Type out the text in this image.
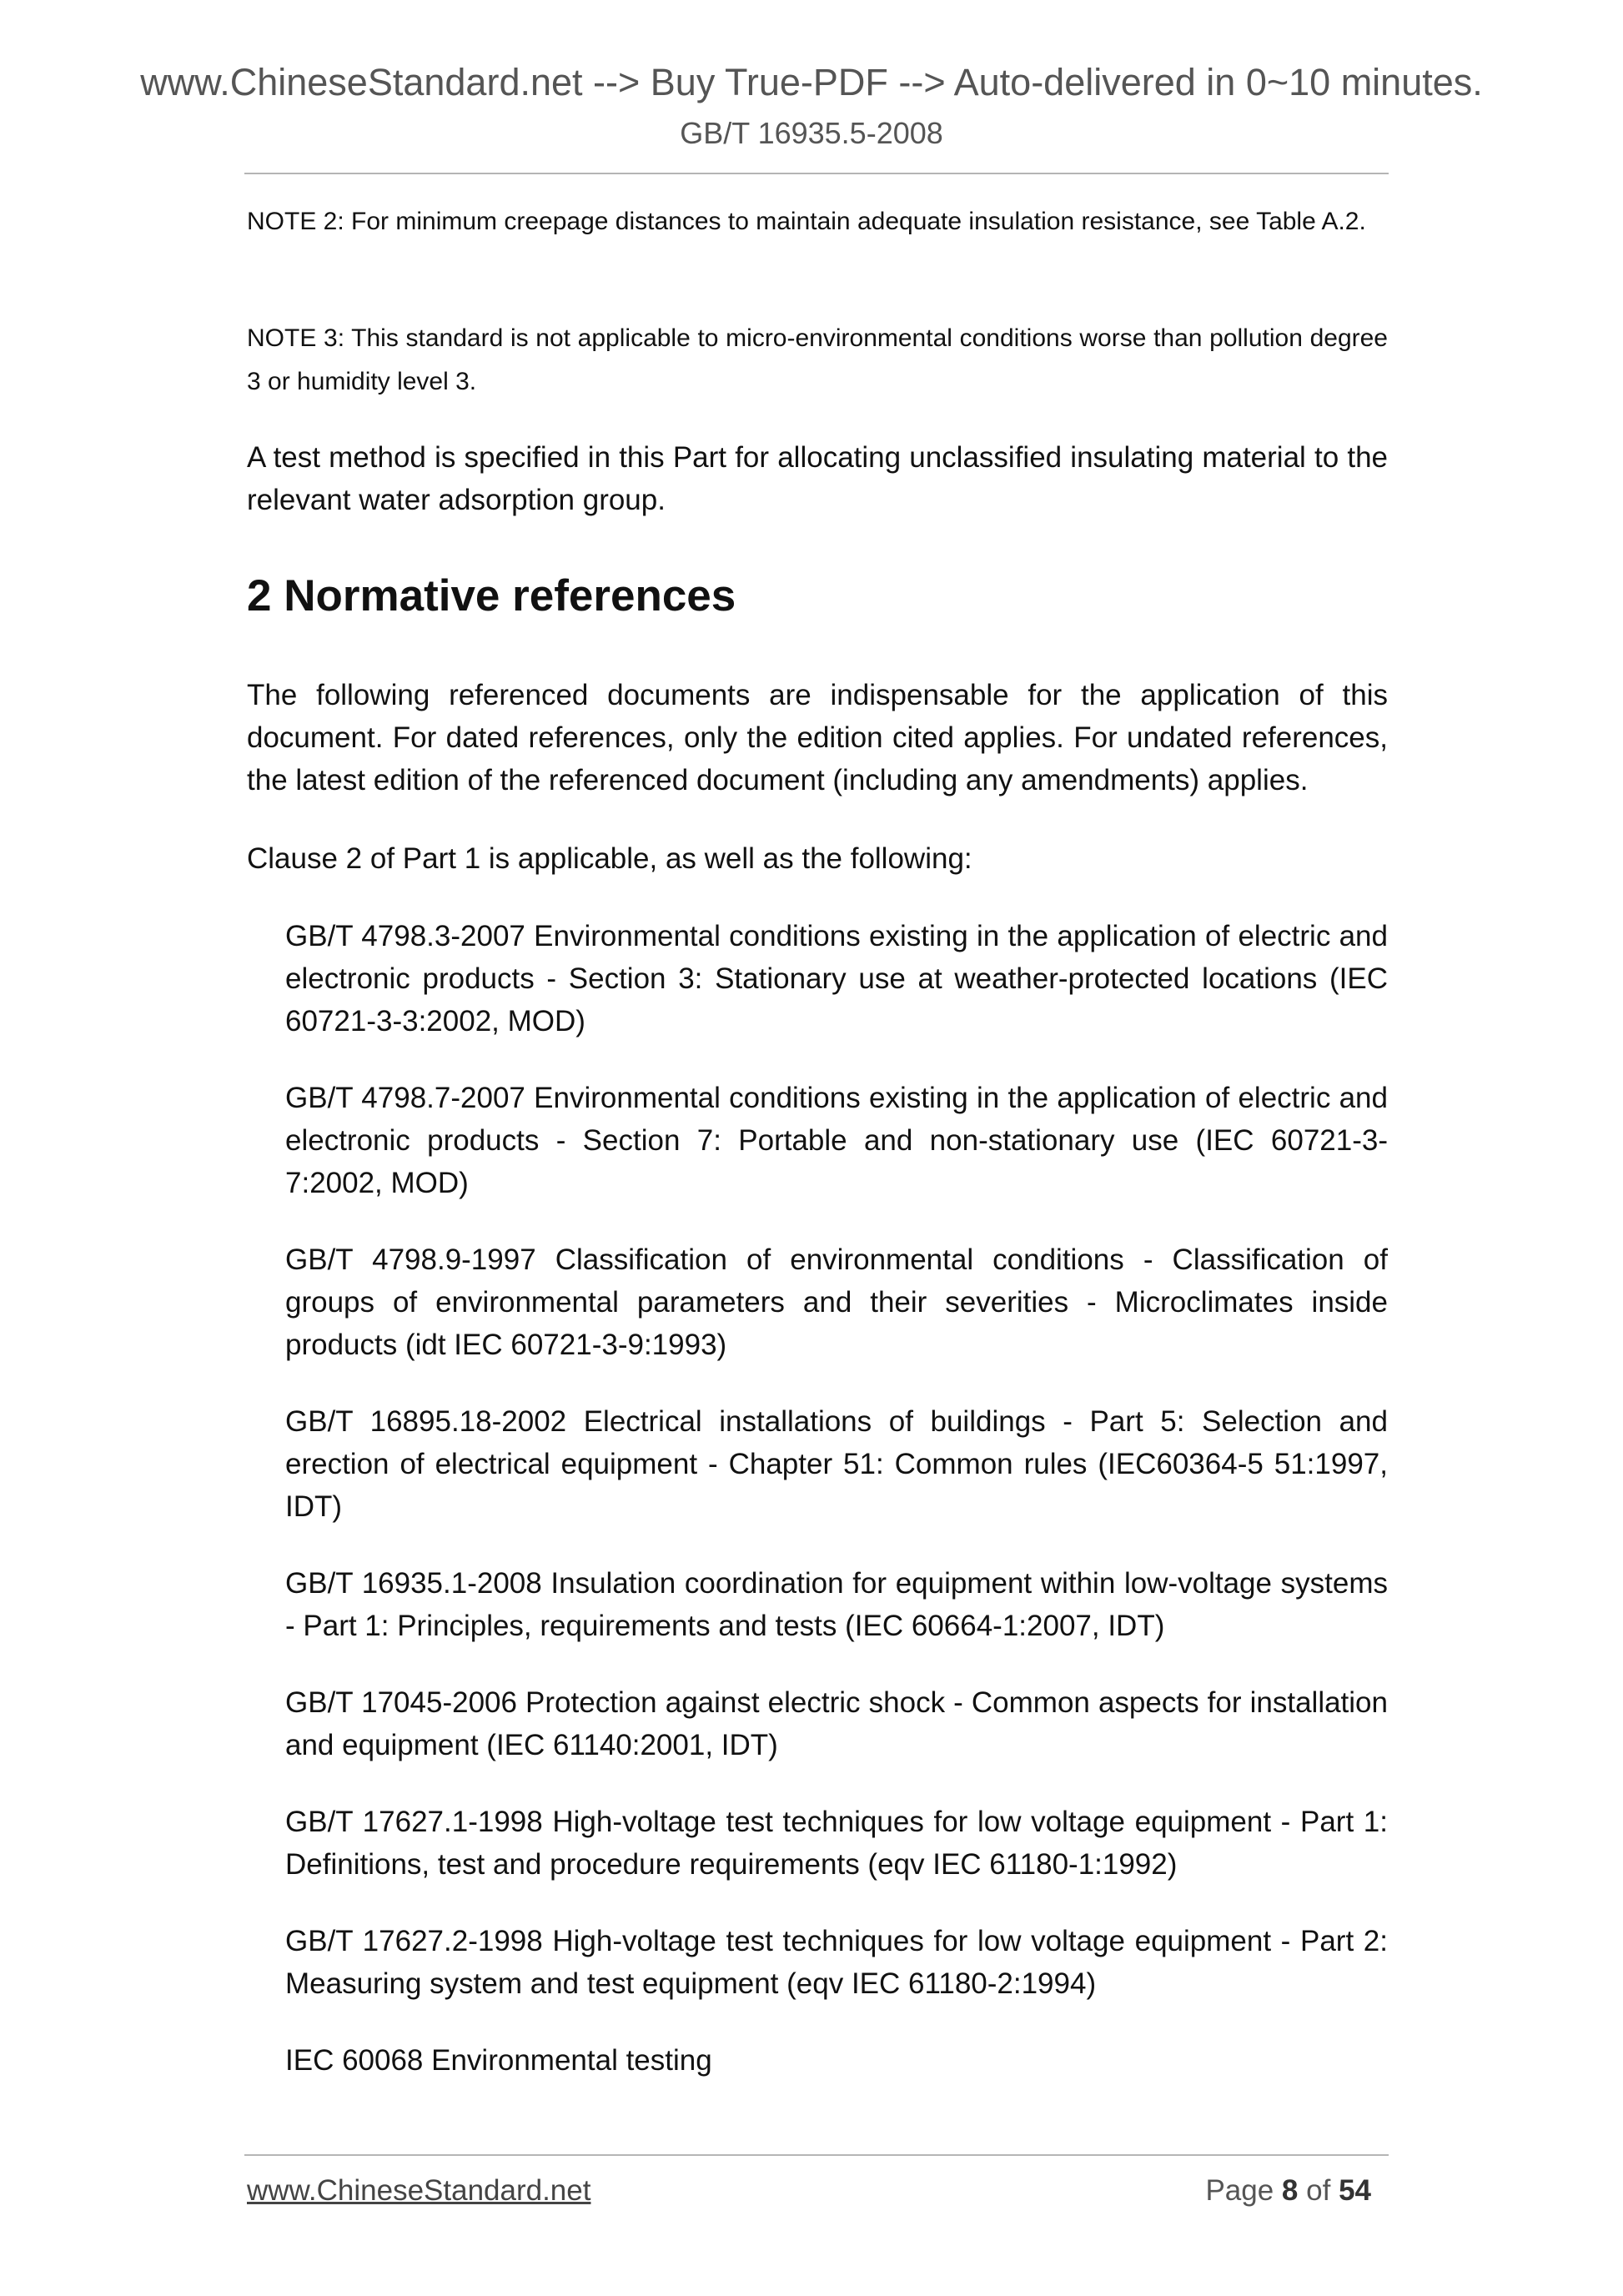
www.ChineseStandard.net --> Buy True-PDF --> Auto-delivered in 0~10 minutes.
GB/T 16935.5-2008
NOTE 2: For minimum creepage distances to maintain adequate insulation resistance, see Table A.2.
NOTE 3: This standard is not applicable to micro-environmental conditions worse than pollution degree 3 or humidity level 3.
A test method is specified in this Part for allocating unclassified insulating material to the relevant water adsorption group.
2 Normative references
The following referenced documents are indispensable for the application of this document. For dated references, only the edition cited applies. For undated references, the latest edition of the referenced document (including any amendments) applies.
Clause 2 of Part 1 is applicable, as well as the following:
GB/T 4798.3-2007 Environmental conditions existing in the application of electric and electronic products - Section 3: Stationary use at weather-protected locations (IEC 60721-3-3:2002, MOD)
GB/T 4798.7-2007 Environmental conditions existing in the application of electric and electronic products - Section 7: Portable and non-stationary use (IEC 60721-3-7:2002, MOD)
GB/T 4798.9-1997 Classification of environmental conditions - Classification of groups of environmental parameters and their severities - Microclimates inside products (idt IEC 60721-3-9:1993)
GB/T 16895.18-2002 Electrical installations of buildings - Part 5: Selection and erection of electrical equipment - Chapter 51: Common rules (IEC60364-5 51:1997, IDT)
GB/T 16935.1-2008 Insulation coordination for equipment within low-voltage systems - Part 1: Principles, requirements and tests (IEC 60664-1:2007, IDT)
GB/T 17045-2006 Protection against electric shock - Common aspects for installation and equipment (IEC 61140:2001, IDT)
GB/T 17627.1-1998 High-voltage test techniques for low voltage equipment - Part 1: Definitions, test and procedure requirements (eqv IEC 61180-1:1992)
GB/T 17627.2-1998 High-voltage test techniques for low voltage equipment - Part 2: Measuring system and test equipment (eqv IEC 61180-2:1994)
IEC 60068 Environmental testing
www.ChineseStandard.net	Page 8 of 54
